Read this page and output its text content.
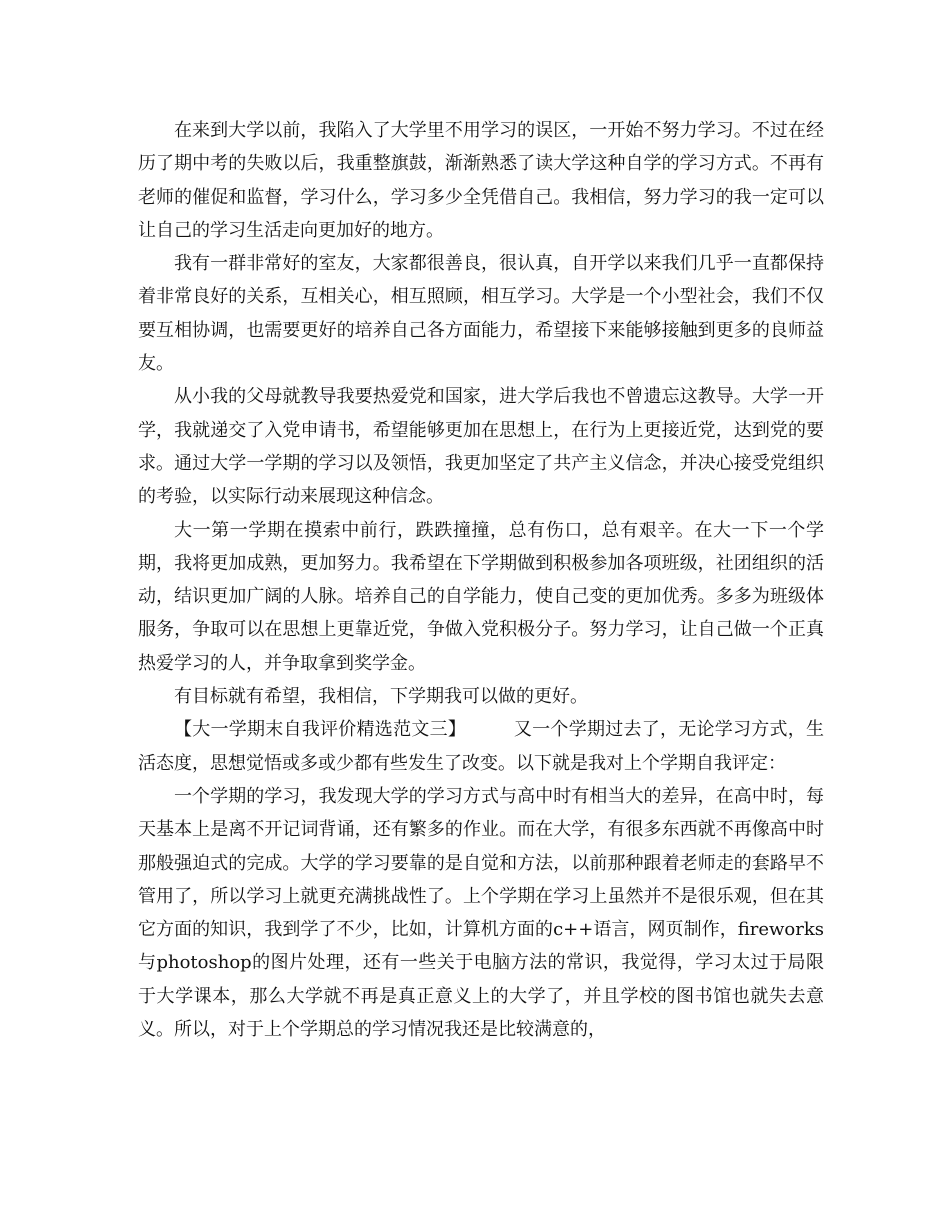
在来到大学以前，我陷入了大学里不用学习的误区，一开始不努力学习。不过在经历了期中考的失败以后，我重整旗鼓，渐渐熟悉了读大学这种自学的学习方式。不再有老师的催促和监督，学习什么，学习多少全凭借自己。我相信，努力学习的我一定可以让自己的学习生活走向更加好的地方。

我有一群非常好的室友，大家都很善良，很认真，自开学以来我们几乎一直都保持着非常良好的关系，互相关心，相互照顾，相互学习。大学是一个小型社会，我们不仅要互相协调，也需要更好的培养自己各方面能力，希望接下来能够接触到更多的良师益友。

从小我的父母就教导我要热爱党和国家，进大学后我也不曾遗忘这教导。大学一开学，我就递交了入党申请书，希望能够更加在思想上，在行为上更接近党，达到党的要求。通过大学一学期的学习以及领悟，我更加坚定了共产主义信念，并决心接受党组织的考验，以实际行动来展现这种信念。

大一第一学期在摸索中前行，跌跌撞撞，总有伤口，总有艰辛。在大一下一个学期，我将更加成熟，更加努力。我希望在下学期做到积极参加各项班级，社团组织的活动，结识更加广阔的人脉。培养自己的自学能力，使自己变的更加优秀。多多为班级体服务，争取可以在思想上更靠近党，争做入党积极分子。努力学习，让自己做一个正真热爱学习的人，并争取拿到奖学金。

有目标就有希望，我相信，下学期我可以做的更好。

【大一学期末自我评价精选范文三】	又一个学期过去了，无论学习方式，生活态度，思想觉悟或多或少都有些发生了改变。以下就是我对上个学期自我评定：

一个学期的学习，我发现大学的学习方式与高中时有相当大的差异，在高中时，每天基本上是离不开记词背诵，还有繁多的作业。而在大学，有很多东西就不再像高中时那般强迫式的完成。大学的学习要靠的是自觉和方法，以前那种跟着老师走的套路早不管用了，所以学习上就更充满挑战性了。上个学期在学习上虽然并不是很乐观，但在其它方面的知识，我到学了不少，比如，计算机方面的c++语言，网页制作，fireworks与photoshop的图片处理，还有一些关于电脑方法的常识，我觉得，学习太过于局限于大学课本，那么大学就不再是真正意义上的大学了，并且学校的图书馆也就失去意义。所以，对于上个学期总的学习情况我还是比较满意的，
